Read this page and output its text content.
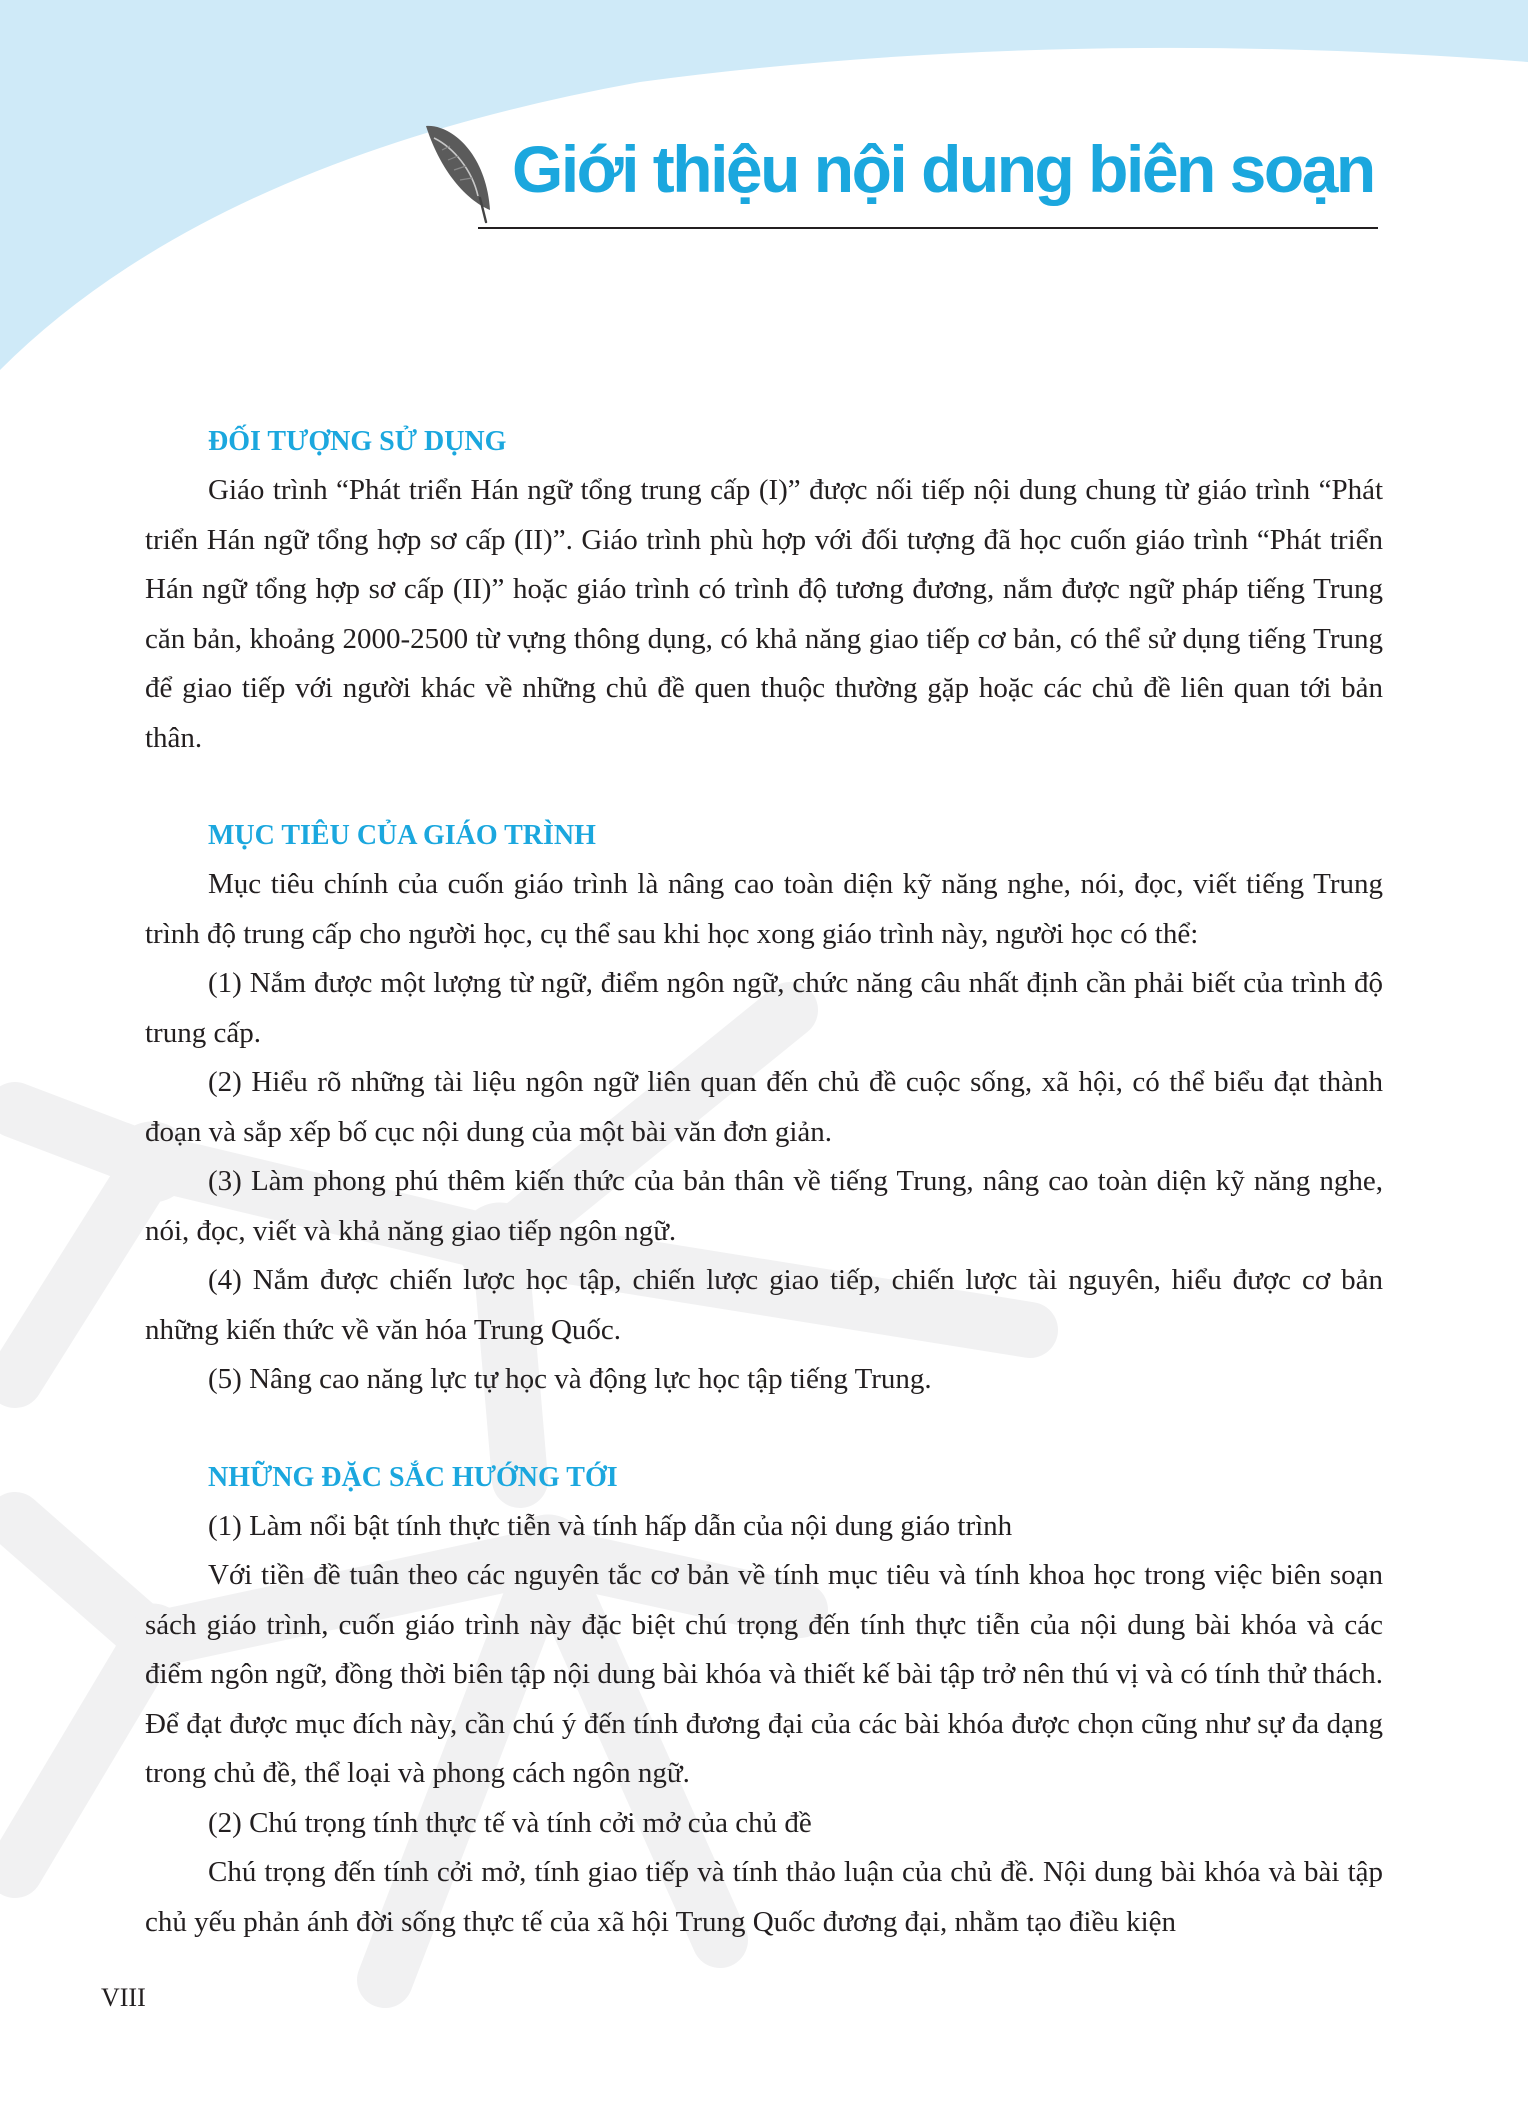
Giới thiệu nội dung biên soạn
ĐỐI TƯỢNG SỬ DỤNG

Giáo trình “Phát triển Hán ngữ tổng trung cấp (I)” được nối tiếp nội dung chung từ giáo trình “Phát triển Hán ngữ tổng hợp sơ cấp (II)”. Giáo trình phù hợp với đối tượng đã học cuốn giáo trình “Phát triển Hán ngữ tổng hợp sơ cấp (II)” hoặc giáo trình có trình độ tương đương, nắm được ngữ pháp tiếng Trung căn bản, khoảng 2000-2500 từ vựng thông dụng, có khả năng giao tiếp cơ bản, có thể sử dụng tiếng Trung để giao tiếp với người khác về những chủ đề quen thuộc thường gặp hoặc các chủ đề liên quan tới bản thân.

MỤC TIÊU CỦA GIÁO TRÌNH

Mục tiêu chính của cuốn giáo trình là nâng cao toàn diện kỹ năng nghe, nói, đọc, viết tiếng Trung trình độ trung cấp cho người học, cụ thể sau khi học xong giáo trình này, người học có thể:

(1) Nắm được một lượng từ ngữ, điểm ngôn ngữ, chức năng câu nhất định cần phải biết của trình độ trung cấp.

(2) Hiểu rõ những tài liệu ngôn ngữ liên quan đến chủ đề cuộc sống, xã hội, có thể biểu đạt thành đoạn và sắp xếp bố cục nội dung của một bài văn đơn giản.

(3) Làm phong phú thêm kiến thức của bản thân về tiếng Trung, nâng cao toàn diện kỹ năng nghe, nói, đọc, viết và khả năng giao tiếp ngôn ngữ.

(4) Nắm được chiến lược học tập, chiến lược giao tiếp, chiến lược tài nguyên, hiểu được cơ bản những kiến thức về văn hóa Trung Quốc.

(5) Nâng cao năng lực tự học và động lực học tập tiếng Trung.

NHỮNG ĐẶC SẮC HƯỚNG TỚI

(1) Làm nổi bật tính thực tiễn và tính hấp dẫn của nội dung giáo trình

Với tiền đề tuân theo các nguyên tắc cơ bản về tính mục tiêu và tính khoa học trong việc biên soạn sách giáo trình, cuốn giáo trình này đặc biệt chú trọng đến tính thực tiễn của nội dung bài khóa và các điểm ngôn ngữ, đồng thời biên tập nội dung bài khóa và thiết kế bài tập trở nên thú vị và có tính thử thách. Để đạt được mục đích này, cần chú ý đến tính đương đại của các bài khóa được chọn cũng như sự đa dạng trong chủ đề, thể loại và phong cách ngôn ngữ.

(2) Chú trọng tính thực tế và tính cởi mở của chủ đề

Chú trọng đến tính cởi mở, tính giao tiếp và tính thảo luận của chủ đề. Nội dung bài khóa và bài tập chủ yếu phản ánh đời sống thực tế của xã hội Trung Quốc đương đại, nhằm tạo điều kiện

VIII
